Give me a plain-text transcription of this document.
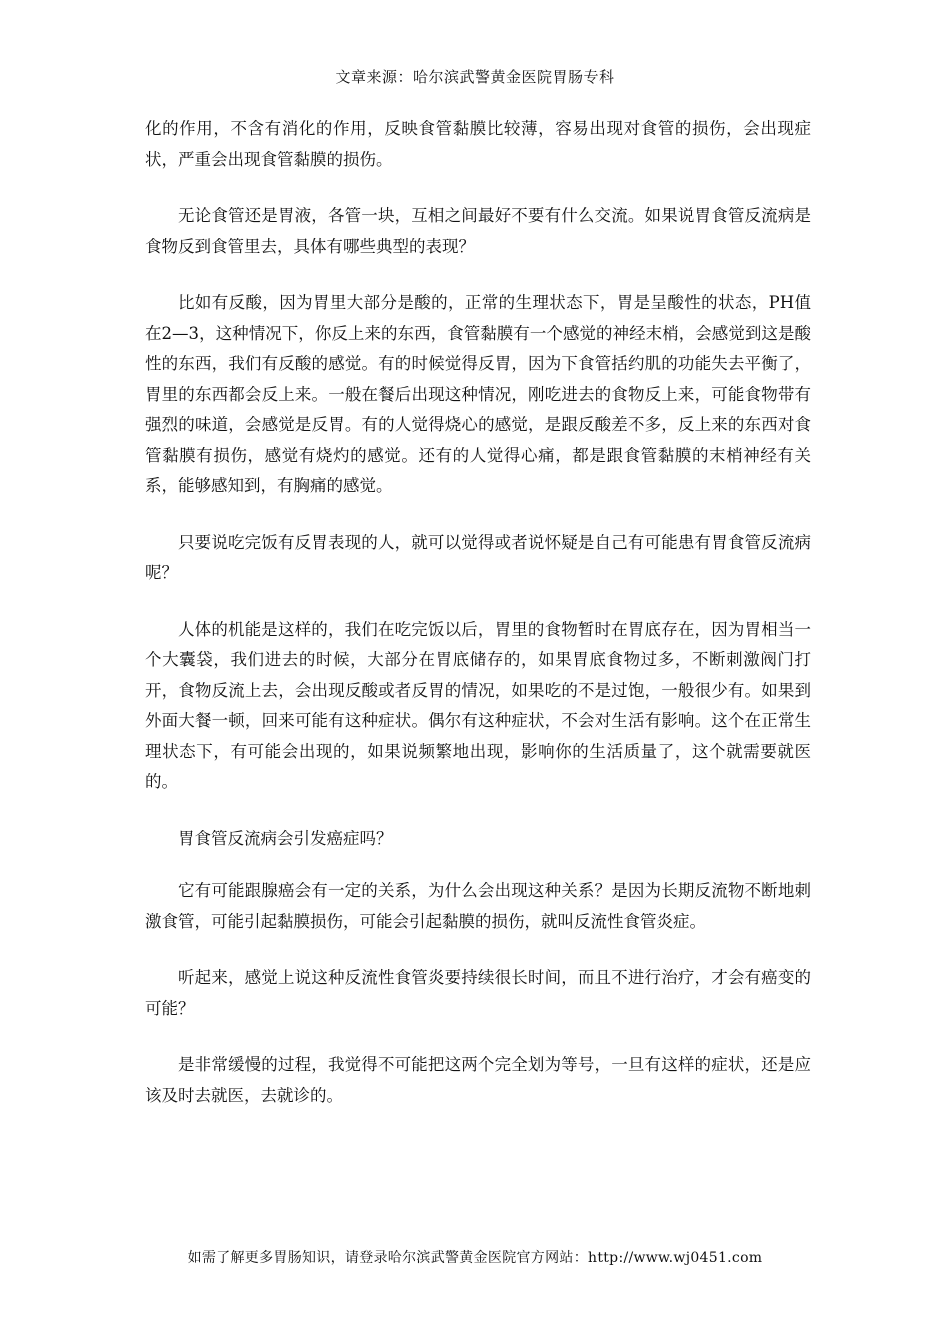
文章来源：哈尔滨武警黄金医院胃肠专科

化的作用，不含有消化的作用，反映食管黏膜比较薄，容易出现对食管的损伤，会出现症状，严重会出现食管黏膜的损伤。

无论食管还是胃液，各管一块，互相之间最好不要有什么交流。如果说胃食管反流病是食物反到食管里去，具体有哪些典型的表现？

比如有反酸，因为胃里大部分是酸的，正常的生理状态下，胃是呈酸性的状态，PH值在2—3，这种情况下，你反上来的东西，食管黏膜有一个感觉的神经末梢，会感觉到这是酸性的东西，我们有反酸的感觉。有的时候觉得反胃，因为下食管括约肌的功能失去平衡了，胃里的东西都会反上来。一般在餐后出现这种情况，刚吃进去的食物反上来，可能食物带有强烈的味道，会感觉是反胃。有的人觉得烧心的感觉，是跟反酸差不多，反上来的东西对食管黏膜有损伤，感觉有烧灼的感觉。还有的人觉得心痛，都是跟食管黏膜的末梢神经有关系，能够感知到，有胸痛的感觉。

只要说吃完饭有反胃表现的人，就可以觉得或者说怀疑是自己有可能患有胃食管反流病呢？

人体的机能是这样的，我们在吃完饭以后，胃里的食物暂时在胃底存在，因为胃相当一个大囊袋，我们进去的时候，大部分在胃底储存的，如果胃底食物过多，不断刺激阀门打开，食物反流上去，会出现反酸或者反胃的情况，如果吃的不是过饱，一般很少有。如果到外面大餐一顿，回来可能有这种症状。偶尔有这种症状，不会对生活有影响。这个在正常生理状态下，有可能会出现的，如果说频繁地出现，影响你的生活质量了，这个就需要就医的。

胃食管反流病会引发癌症吗？

它有可能跟腺癌会有一定的关系，为什么会出现这种关系？是因为长期反流物不断地刺激食管，可能引起黏膜损伤，可能会引起黏膜的损伤，就叫反流性食管炎症。

听起来，感觉上说这种反流性食管炎要持续很长时间，而且不进行治疗，才会有癌变的可能？

是非常缓慢的过程，我觉得不可能把这两个完全划为等号，一旦有这样的症状，还是应该及时去就医，去就诊的。

如需了解更多胃肠知识，请登录哈尔滨武警黄金医院官方网站：http://www.wj0451.com
